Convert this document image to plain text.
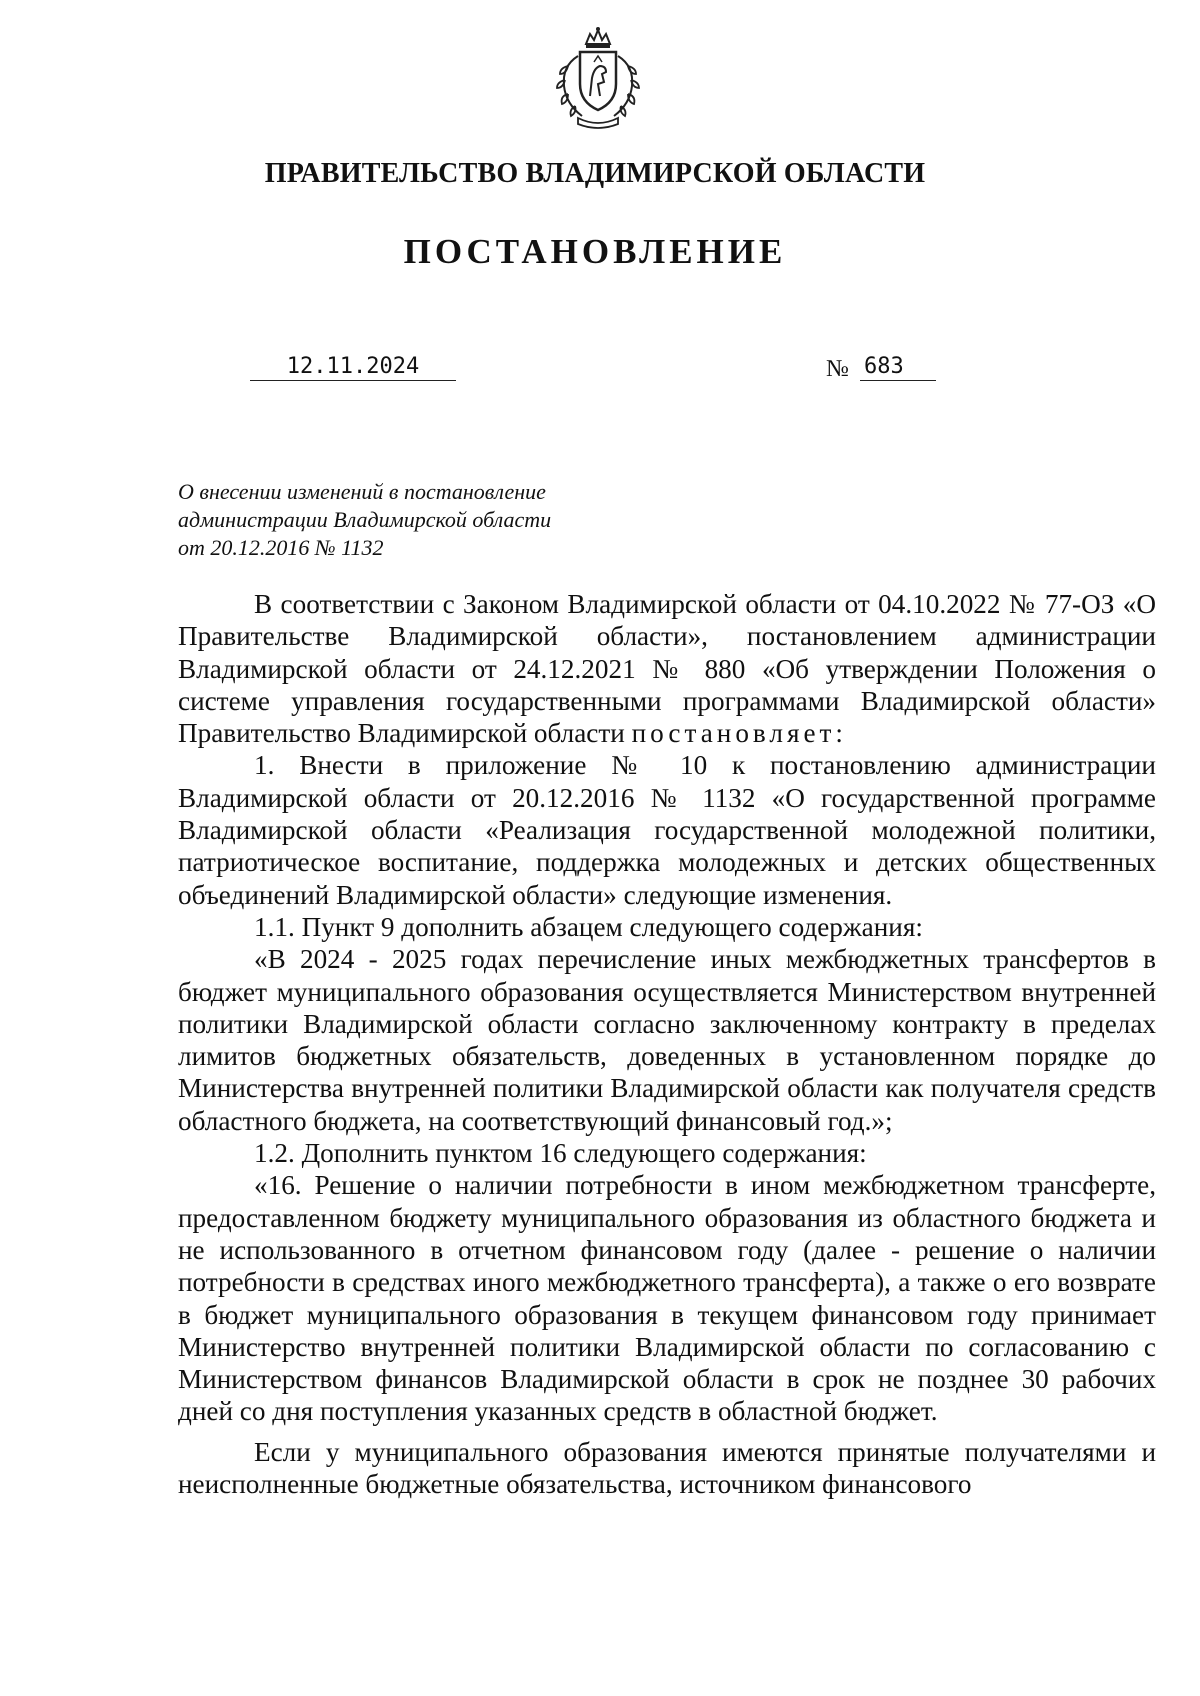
ПРАВИТЕЛЬСТВО ВЛАДИМИРСКОЙ ОБЛАСТИ
ПОСТАНОВЛЕНИЕ
12.11.2024	№ 683
О внесении изменений в постановление
администрации Владимирской области
от 20.12.2016 № 1132

В соответствии с Законом Владимирской области от 04.10.2022 № 77-ОЗ «О Правительстве Владимирской области», постановлением администрации Владимирской области от 24.12.2021 № 880 «Об утверждении Положения о системе управления государственными программами Владимирской области» Правительство Владимирской области постановляет:

1. Внести в приложение № 10 к постановлению администрации Владимирской области от 20.12.2016 № 1132 «О государственной программе Владимирской области «Реализация государственной молодежной политики, патриотическое воспитание, поддержка молодежных и детских общественных объединений Владимирской области» следующие изменения.

1.1. Пункт 9 дополнить абзацем следующего содержания:

«В 2024 - 2025 годах перечисление иных межбюджетных трансфертов в бюджет муниципального образования осуществляется Министерством внутренней политики Владимирской области согласно заключенному контракту в пределах лимитов бюджетных обязательств, доведенных в установленном порядке до Министерства внутренней политики Владимирской области как получателя средств областного бюджета, на соответствующий финансовый год.»;

1.2. Дополнить пунктом 16 следующего содержания:

«16. Решение о наличии потребности в ином межбюджетном трансферте, предоставленном бюджету муниципального образования из областного бюджета и не использованного в отчетном финансовом году (далее - решение о наличии потребности в средствах иного межбюджетного трансферта), а также о его возврате в бюджет муниципального образования в текущем финансовом году принимает Министерство внутренней политики Владимирской области по согласованию с Министерством финансов Владимирской области в срок не позднее 30 рабочих дней со дня поступления указанных средств в областной бюджет.

Если у муниципального образования имеются принятые получателями и неисполненные бюджетные обязательства, источником финансового
